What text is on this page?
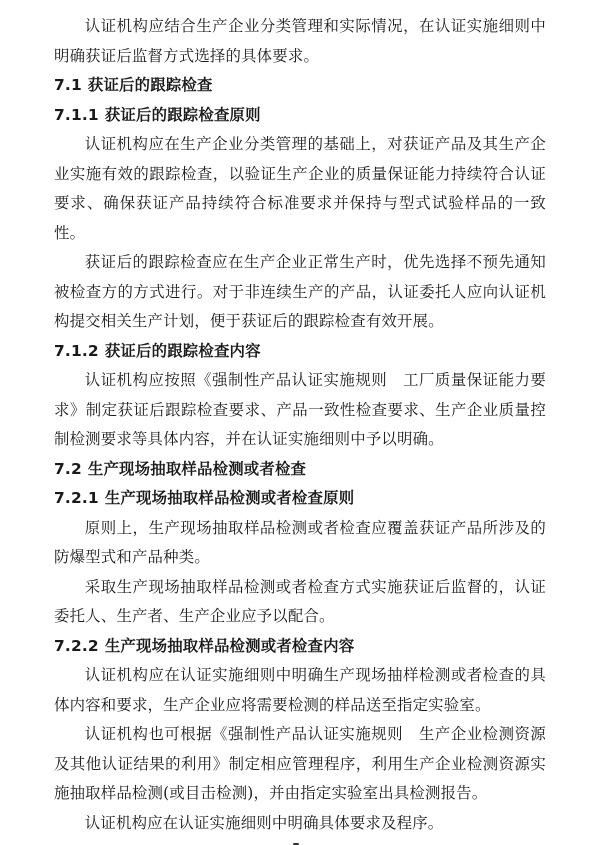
认证机构应结合生产企业分类管理和实际情况，在认证实施细则中明确获证后监督方式选择的具体要求。

7.1 获证后的跟踪检查
7.1.1 获证后的跟踪检查原则

认证机构应在生产企业分类管理的基础上，对获证产品及其生产企业实施有效的跟踪检查，以验证生产企业的质量保证能力持续符合认证要求、确保获证产品持续符合标准要求并保持与型式试验样品的一致性。

获证后的跟踪检查应在生产企业正常生产时，优先选择不预先通知被检查方的方式进行。对于非连续生产的产品，认证委托人应向认证机构提交相关生产计划，便于获证后的跟踪检查有效开展。

7.1.2 获证后的跟踪检查内容

认证机构应按照《强制性产品认证实施规则　工厂质量保证能力要求》制定获证后跟踪检查要求、产品一致性检查要求、生产企业质量控制检测要求等具体内容，并在认证实施细则中予以明确。

7.2 生产现场抽取样品检测或者检查
7.2.1 生产现场抽取样品检测或者检查原则

原则上，生产现场抽取样品检测或者检查应覆盖获证产品所涉及的防爆型式和产品种类。

采取生产现场抽取样品检测或者检查方式实施获证后监督的，认证委托人、生产者、生产企业应予以配合。

7.2.2 生产现场抽取样品检测或者检查内容

认证机构应在认证实施细则中明确生产现场抽样检测或者检查的具体内容和要求，生产企业应将需要检测的样品送至指定实验室。

认证机构也可根据《强制性产品认证实施规则　生产企业检测资源及其他认证结果的利用》制定相应管理程序，利用生产企业检测资源实施抽取样品检测(或目击检测)，并由指定实验室出具检测报告。

认证机构应在认证实施细则中明确具体要求及程序。
